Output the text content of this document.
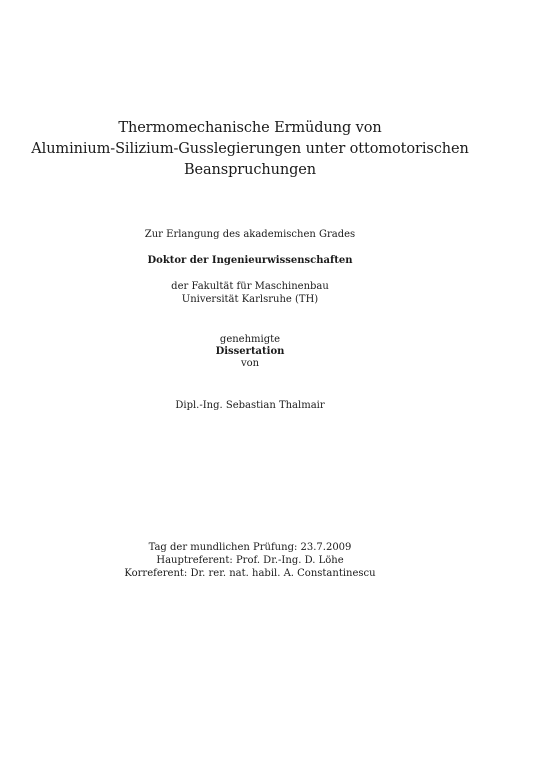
Thermomechanische Ermüdung von
Aluminium-Silizium-Gusslegierungen unter ottomotorischen
Beanspruchungen
Zur Erlangung des akademischen Grades
Doktor der Ingenieurwissenschaften
der Fakultät für Maschinenbau
Universität Karlsruhe (TH)
genehmigte
Dissertation
von
Dipl.-Ing. Sebastian Thalmair
Tag der mundlichen Prüfung: 23.7.2009
Hauptreferent: Prof. Dr.-Ing. D. Löhe
Korreferent: Dr. rer. nat. habil. A. Constantinescu
